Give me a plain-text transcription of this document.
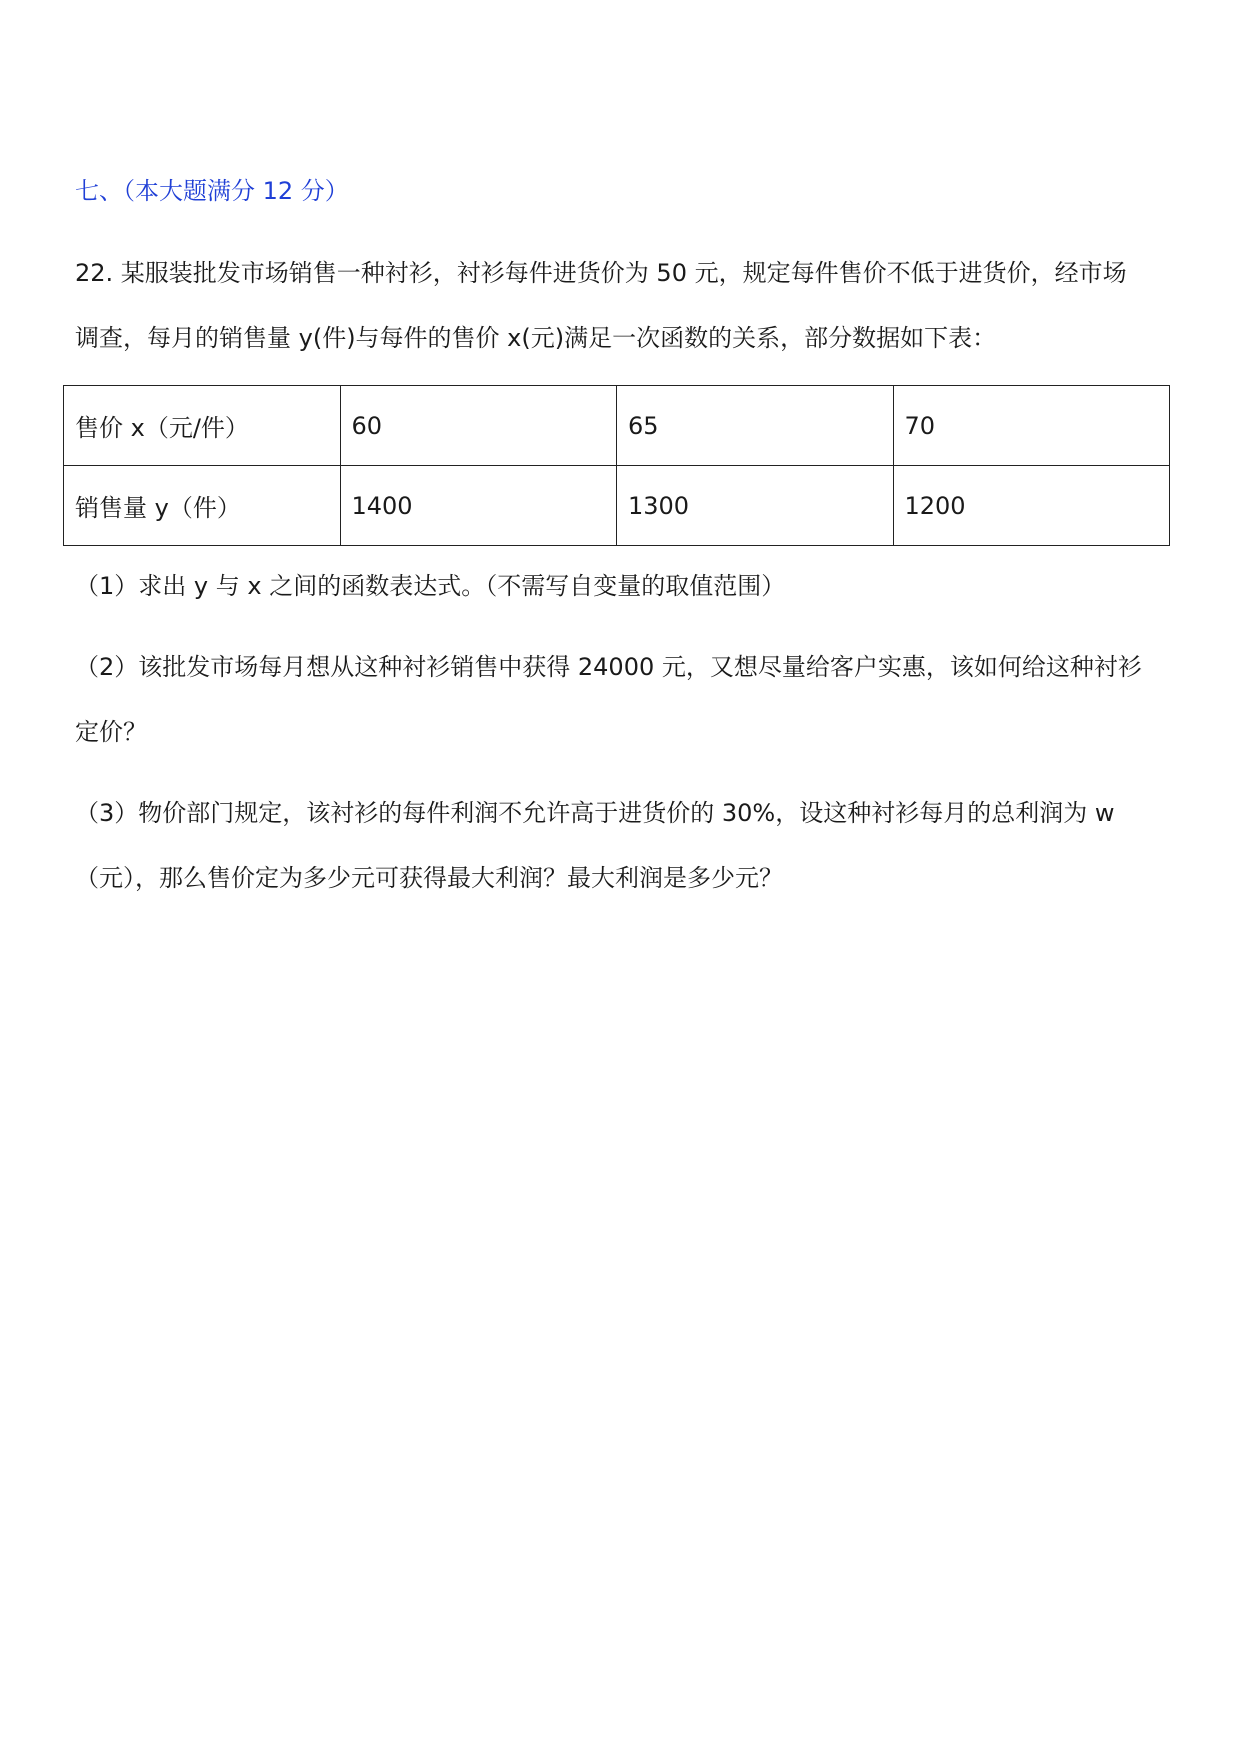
七、（本大题满分 12 分）
22. 某服装批发市场销售一种衬衫，衬衫每件进货价为 50 元，规定每件售价不低于进货价，经市场
调查，每月的销售量 y(件)与每件的售价 x(元)满足一次函数的关系，部分数据如下表：
售价 x（元/件）	60	65	70
销售量 y（件）	1400	1300	1200
（1）求出 y 与 x 之间的函数表达式。（不需写自变量的取值范围）
（2）该批发市场每月想从这种衬衫销售中获得 24000 元，又想尽量给客户实惠，该如何给这种衬衫
定价？
（3）物价部门规定，该衬衫的每件利润不允许高于进货价的 30%，设这种衬衫每月的总利润为 w
（元），那么售价定为多少元可获得最大利润？最大利润是多少元？
